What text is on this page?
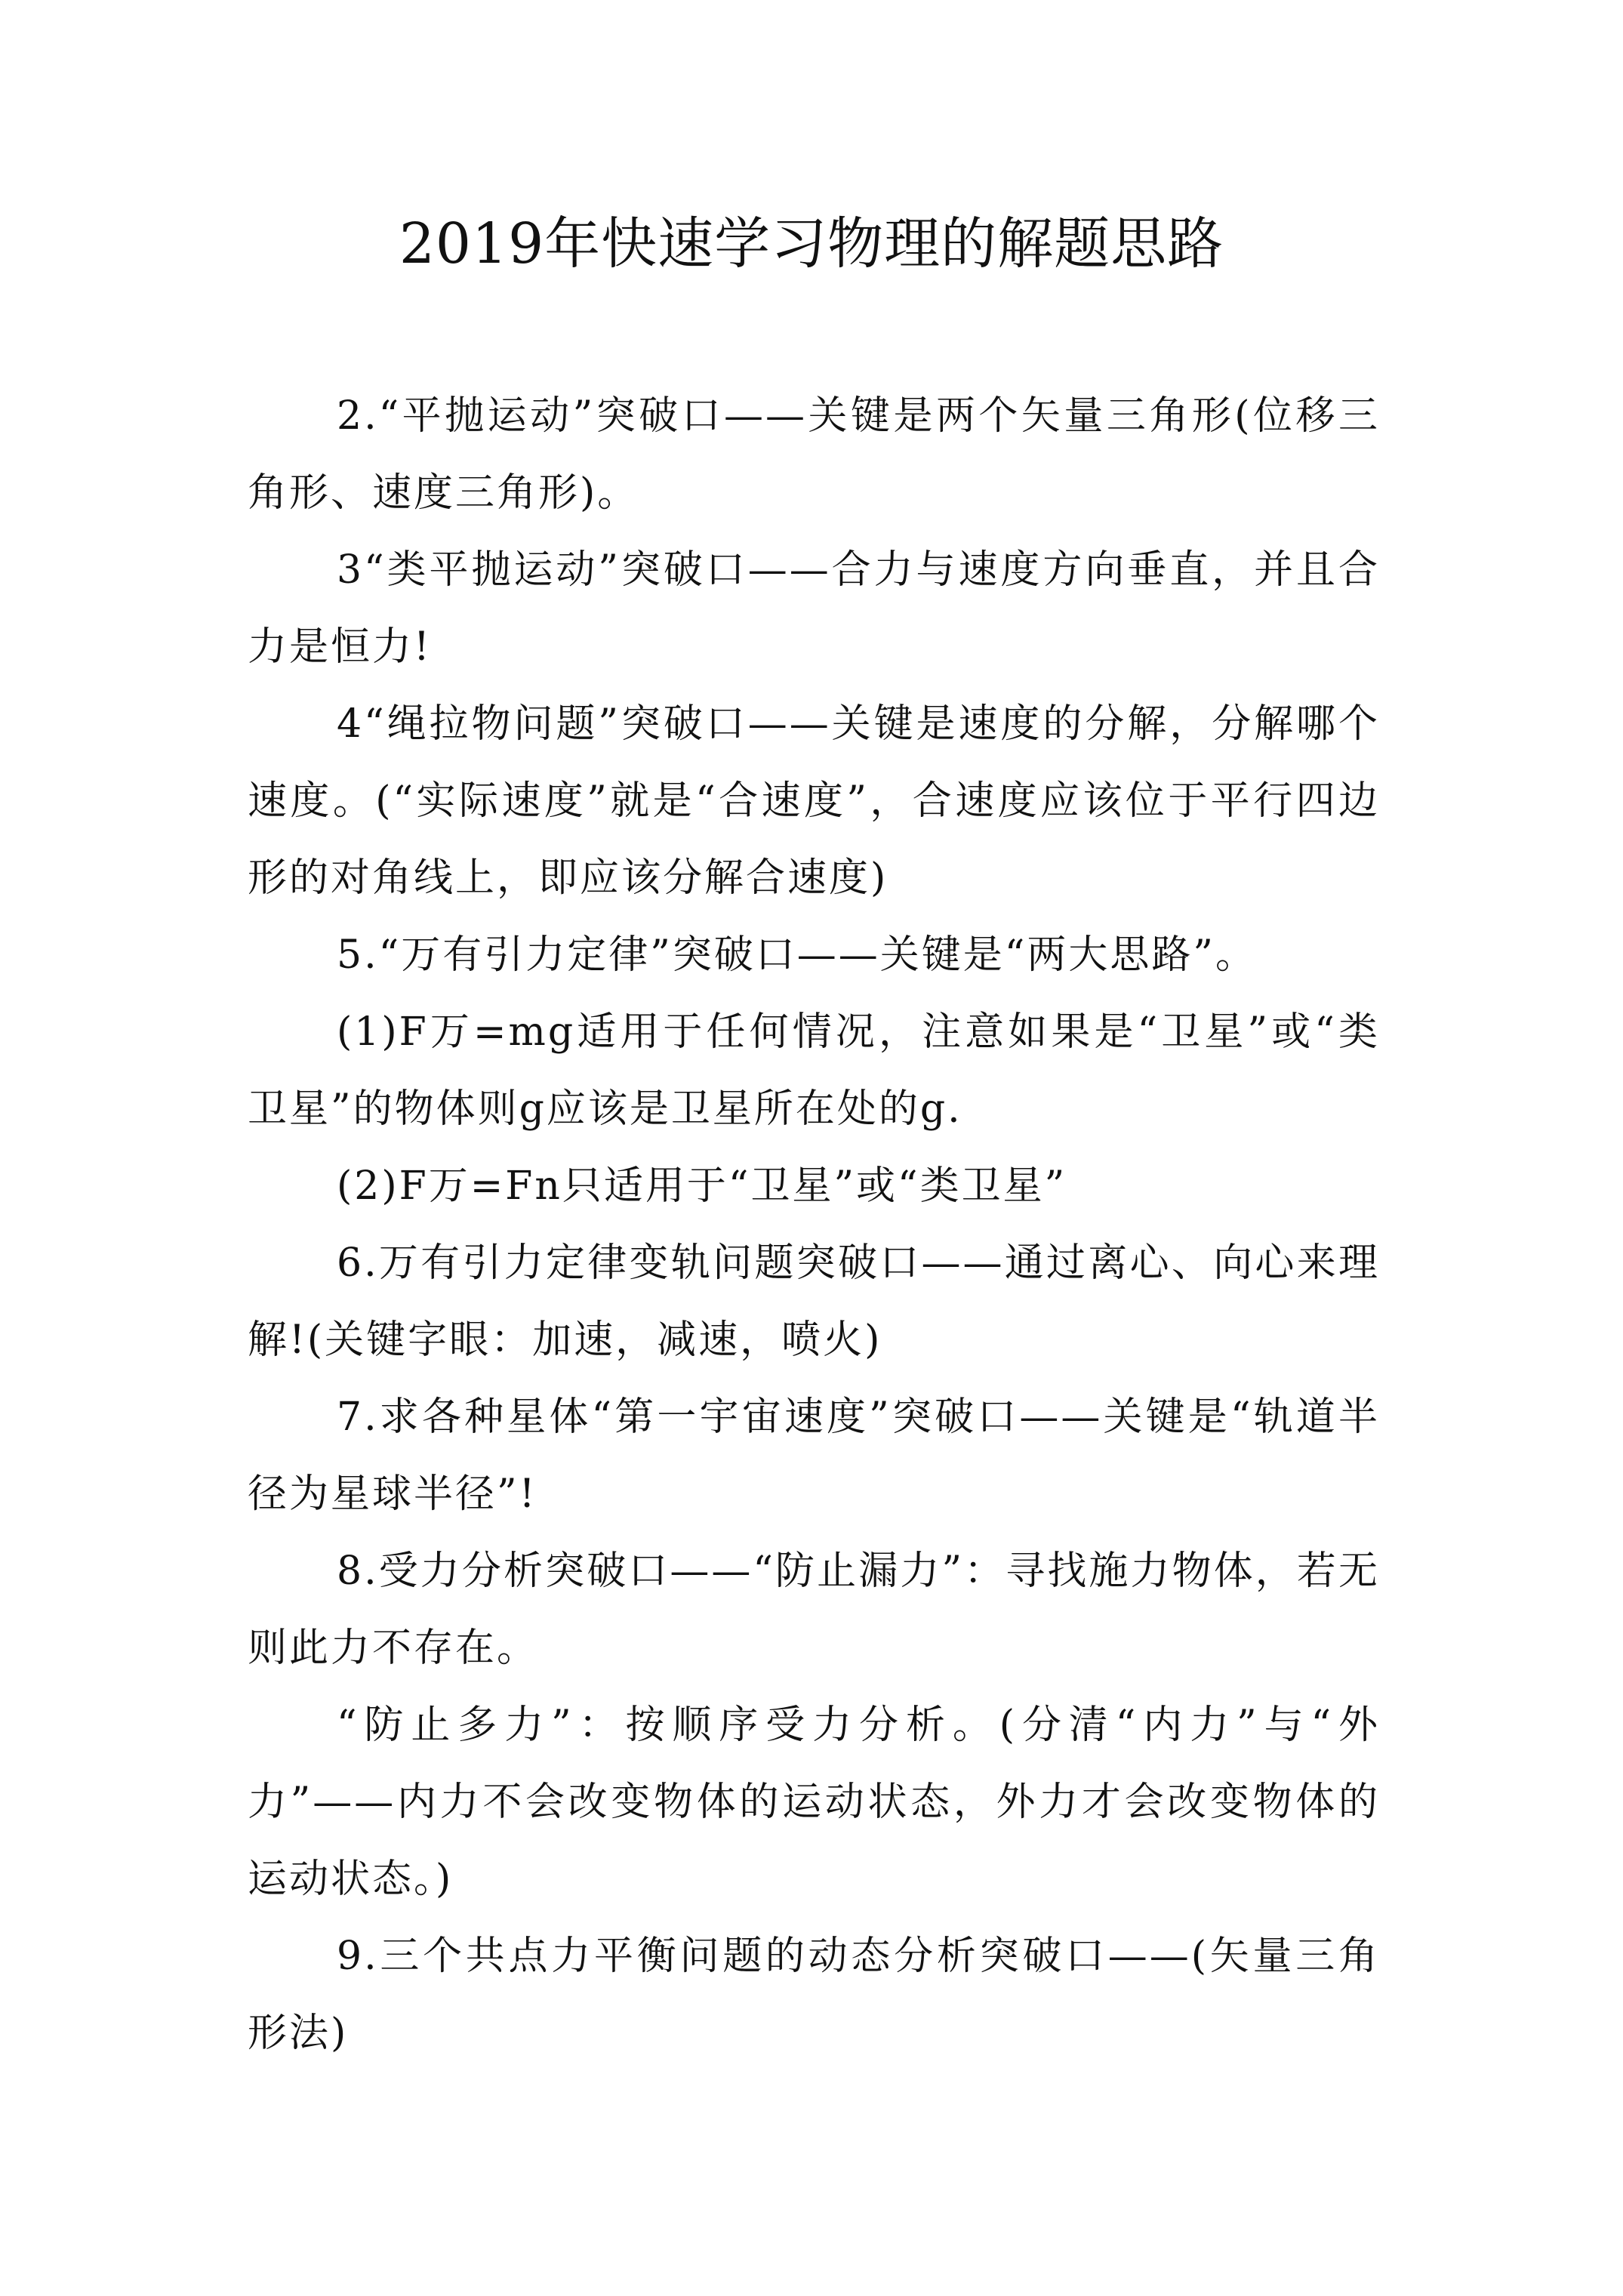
2019年快速学习物理的解题思路

2.“平抛运动”突破口——关键是两个矢量三角形(位移三角形、速度三角形)。

3“类平抛运动”突破口——合力与速度方向垂直，并且合力是恒力!

4“绳拉物问题”突破口——关键是速度的分解，分解哪个速度。(“实际速度”就是“合速度”，合速度应该位于平行四边形的对角线上，即应该分解合速度)

5.“万有引力定律”突破口——关键是“两大思路”。

(1)F万=mg适用于任何情况，注意如果是“卫星”或“类卫星”的物体则g应该是卫星所在处的g.

(2)F万=Fn只适用于“卫星”或“类卫星”

6.万有引力定律变轨问题突破口——通过离心、向心来理解!(关键字眼：加速，减速，喷火)

7.求各种星体“第一宇宙速度”突破口——关键是“轨道半径为星球半径”!

8.受力分析突破口——“防止漏力”：寻找施力物体，若无则此力不存在。

“防止多力”：按顺序受力分析。(分清“内力”与“外力”——内力不会改变物体的运动状态，外力才会改变物体的运动状态。)

9.三个共点力平衡问题的动态分析突破口——(矢量三角形法)
